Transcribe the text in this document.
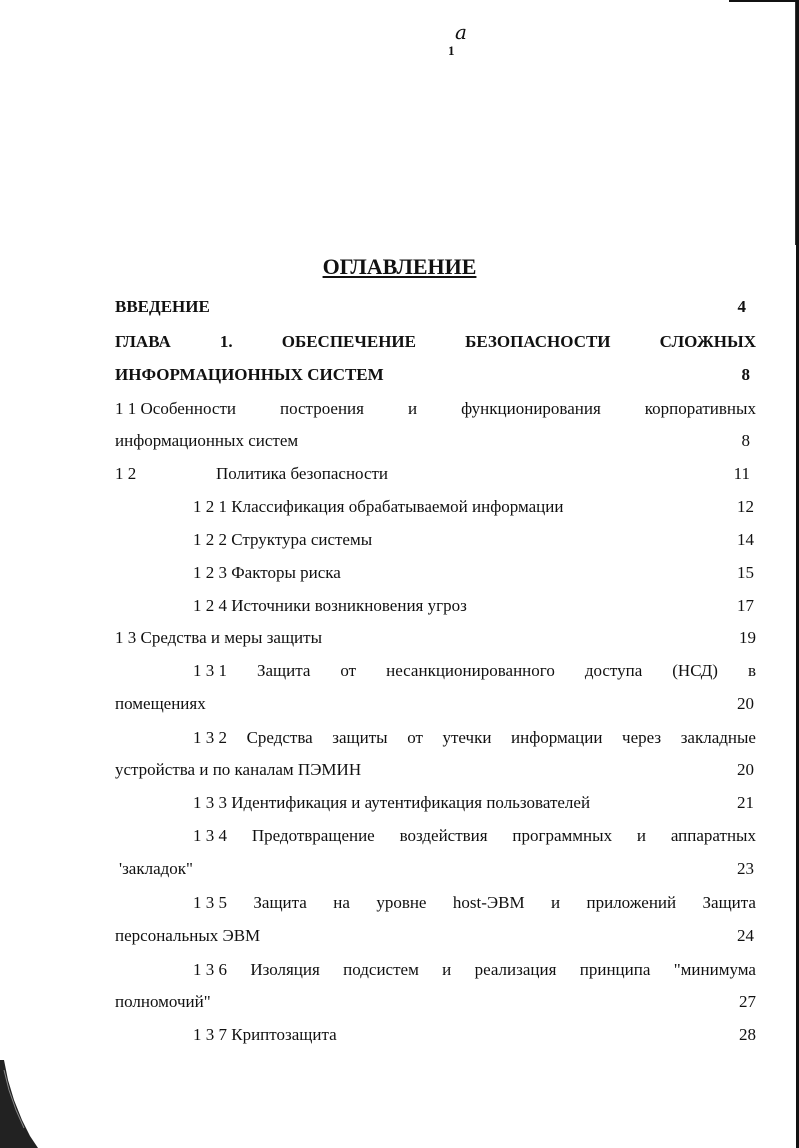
a
1
ОГЛАВЛЕНИЕ
ВВЕДЕНИЕ	4
ГЛАВА	1.	ОБЕСПЕЧЕНИЕ	БЕЗОПАСНОСТИ	СЛОЖНЫХ
ИНФОРМАЦИОННЫХ СИСТЕМ	8
1 1 Особенности	построения	и	функционирования	корпоративных
информационных систем	8
1 2	Политика безопасности	11
1 2 1 Классификация обрабатываемой информации	12
1 2 2 Структура системы	14
1 2 3 Факторы риска	15
1 2 4 Источники возникновения угроз	17
1 3 Средства и меры защиты	19
1 3 1 Защита от несанкционированного доступа (НСД) в
помещениях	20
1 3 2 Средства защиты от утечки информации через закладные
устройства и по каналам ПЭМИН	20
1 3 3 Идентификация и аутентификация пользователей	21
1 3 4 Предотвращение воздействия программных и аппаратных
'закладок"	23
1 3 5 Защита на уровне host-ЭВМ и приложений Защита
персональных ЭВМ	24
1 3 6 Изоляция подсистем и реализация принципа "минимума
полномочий"	27
1 3 7 Криптозащита	28
